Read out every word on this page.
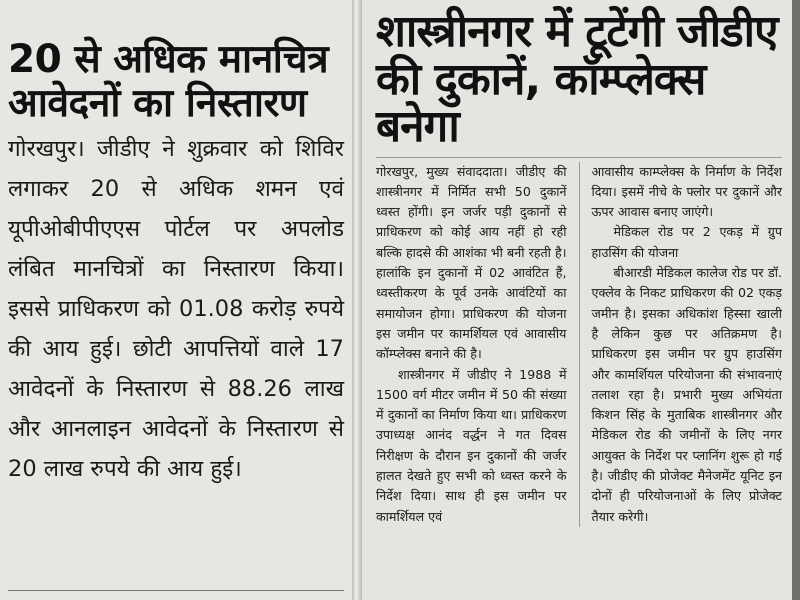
20 से अधिक मानचित्र आवेदनों का निस्तारण

गोरखपुर। जीडीए ने शुक्रवार को शिविर लगाकर 20 से अधिक शमन एवं यूपीओबीपीएएस पोर्टल पर अपलोड लंबित मानचित्रों का निस्तारण किया। इससे प्राधिकरण को 01.08 करोड़ रुपये की आय हुई। छोटी आपत्तियों वाले 17 आवेदनों के निस्तारण से 88.26 लाख और आनलाइन आवेदनों के निस्तारण से 20 लाख रुपये की आय हुई।

शास्त्रीनगर में टूटेंगी जीडीए की दुकानें, कॉम्प्लेक्स बनेगा

गोरखपुर, मुख्य संवाददाता। जीडीए की शास्त्रीनगर में निर्मित सभी 50 दुकानें ध्वस्त होंगी। इन जर्जर पड़ी दुकानों से प्राधिकरण को कोई आय नहीं हो रही बल्कि हादसे की आशंका भी बनी रहती है। हालांकि इन दुकानों में 02 आवंटित हैं, ध्वस्तीकरण के पूर्व उनके आवंटियों का समायोजन होगा। प्राधिकरण की योजना इस जमीन पर कामर्शियल एवं आवासीय कॉम्प्लेक्स बनाने की है।

शास्त्रीनगर में जीडीए ने 1988 में 1500 वर्ग मीटर जमीन में 50 की संख्या में दुकानों का निर्माण किया था। प्राधिकरण उपाध्यक्ष आनंद वर्द्धन ने गत दिवस निरीक्षण के दौरान इन दुकानों की जर्जर हालत देखते हुए सभी को ध्वस्त करने के निर्देश दिया। साथ ही इस जमीन पर कामर्शियल एवं

आवासीय काम्प्लेक्स के निर्माण के निर्देश दिया। इसमें नीचे के फ्लोर पर दुकानें और ऊपर आवास बनाए जाएंगे।

मेडिकल रोड पर 2 एकड़ में ग्रुप हाउसिंग की योजना

बीआरडी मेडिकल कालेज रोड पर डॉ. एक्लेव के निकट प्राधिकरण की 02 एकड़ जमीन है। इसका अधिकांश हिस्सा खाली है लेकिन कुछ पर अतिक्रमण है। प्राधिकरण इस जमीन पर ग्रुप हाउसिंग और कामर्शियल परियोजना की संभावनाएं तलाश रहा है। प्रभारी मुख्य अभियंता किशन सिंह के मुताबिक शास्त्रीनगर और मेडिकल रोड की जमीनों के लिए नगर आयुक्त के निर्देश पर प्लानिंग शुरू हो गई है। जीडीए की प्रोजेक्ट मैनेजमेंट यूनिट इन दोनों ही परियोजनाओं के लिए प्रोजेक्ट तैयार करेगी।
